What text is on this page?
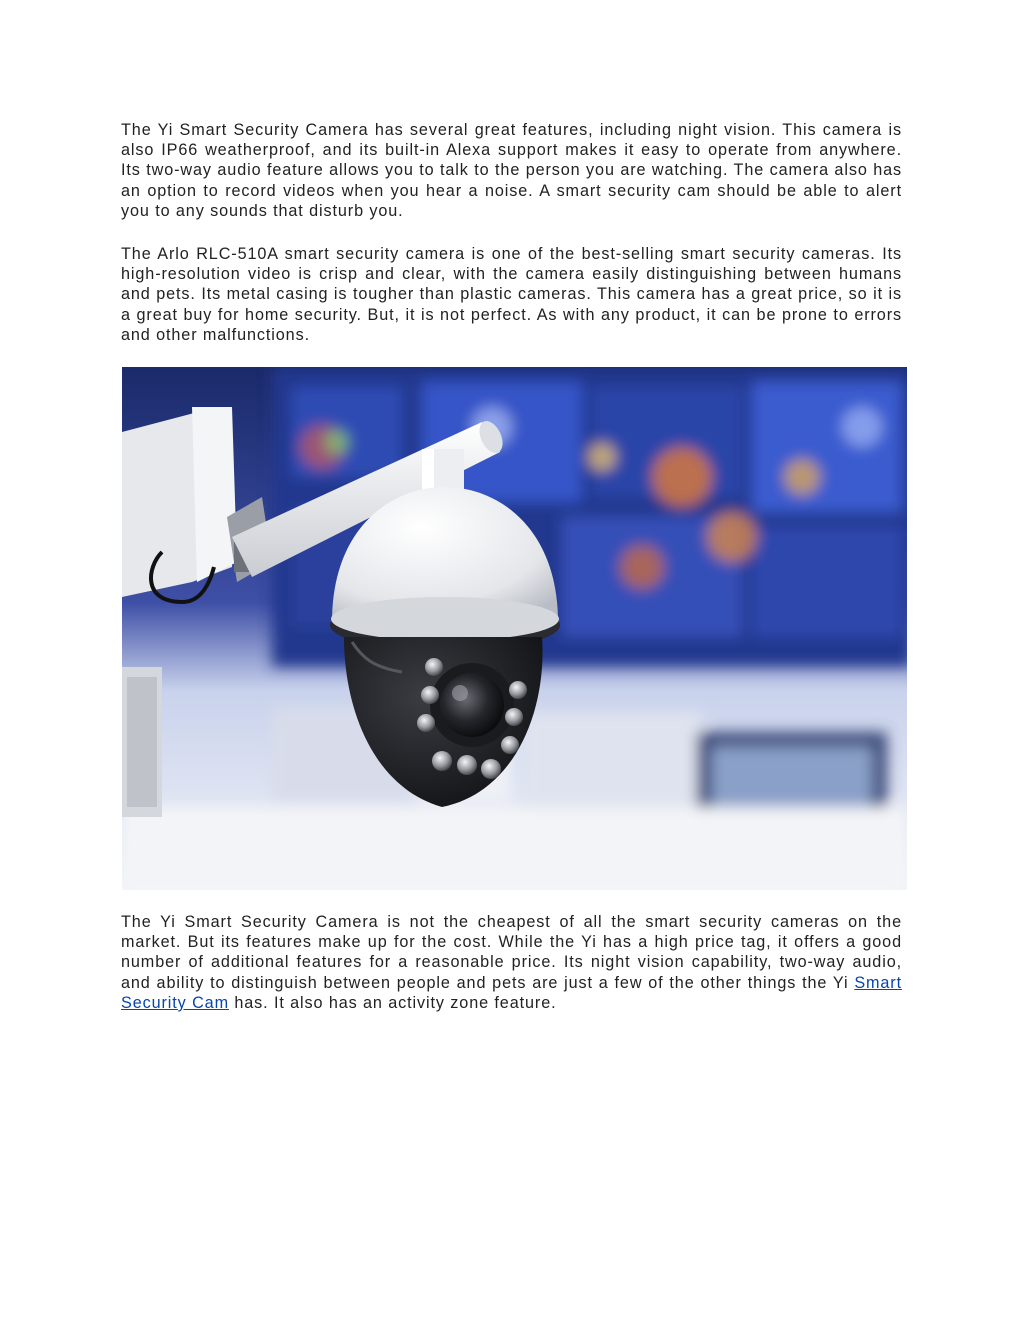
The Yi Smart Security Camera has several great features, including night vision. This camera is also IP66 weatherproof, and its built-in Alexa support makes it easy to operate from anywhere. Its two-way audio feature allows you to talk to the person you are watching. The camera also has an option to record videos when you hear a noise. A smart security cam should be able to alert you to any sounds that disturb you.

The Arlo RLC-510A smart security camera is one of the best-selling smart security cameras. Its high-resolution video is crisp and clear, with the camera easily distinguishing between humans and pets. Its metal casing is tougher than plastic cameras. This camera has a great price, so it is a great buy for home security. But, it is not perfect. As with any product, it can be prone to errors and other malfunctions.

The Yi Smart Security Camera is not the cheapest of all the smart security cameras on the market. But its features make up for the cost. While the Yi has a high price tag, it offers a good number of additional features for a reasonable price. Its night vision capability, two-way audio, and ability to distinguish between people and pets are just a few of the other things the Yi Smart Security Cam has. It also has an activity zone feature.
